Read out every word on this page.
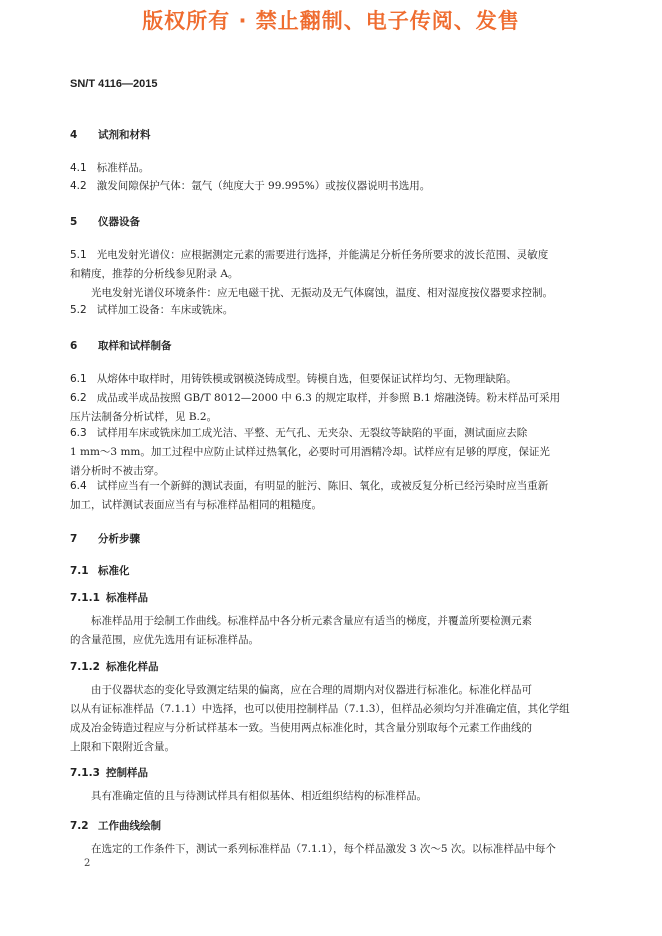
版权所有 · 禁止翻制、电子传阅、发售
SN/T 4116—2015
4 试剂和材料
4.1 标准样品。
4.2 激发间隙保护气体：氩气（纯度大于 99.995%）或按仪器说明书选用。
5 仪器设备
5.1 光电发射光谱仪：应根据测定元素的需要进行选择，并能满足分析任务所要求的波长范围、灵敏度
和精度，推荐的分析线参见附录 A。
光电发射光谱仪环境条件：应无电磁干扰、无振动及无气体腐蚀，温度、相对湿度按仪器要求控制。
5.2 试样加工设备：车床或铣床。
6 取样和试样制备
6.1 从熔体中取样时，用铸铁模或钢模浇铸成型。铸模自选，但要保证试样均匀、无物理缺陷。
6.2 成品或半成品按照 GB/T 8012—2000 中 6.3 的规定取样，并参照 B.1 熔融浇铸。粉末样品可采用
压片法制备分析试样，见 B.2。
6.3 试样用车床或铣床加工成光洁、平整、无气孔、无夹杂、无裂纹等缺陷的平面，测试面应去除
1 mm～3 mm。加工过程中应防止试样过热氧化，必要时可用酒精冷却。试样应有足够的厚度，保证光
谱分析时不被击穿。
6.4 试样应当有一个新鲜的测试表面，有明显的脏污、陈旧、氧化，或被反复分析已经污染时应当重新
加工，试样测试表面应当有与标准样品相同的粗糙度。
7 分析步骤
7.1 标准化
7.1.1 标准样品
标准样品用于绘制工作曲线。标准样品中各分析元素含量应有适当的梯度，并覆盖所要检测元素
的含量范围，应优先选用有证标准样品。
7.1.2 标准化样品
由于仪器状态的变化导致测定结果的偏离，应在合理的周期内对仪器进行标准化。标准化样品可
以从有证标准样品（7.1.1）中选择，也可以使用控制样品（7.1.3），但样品必须均匀并准确定值，其化学组
成及冶金铸造过程应与分析试样基本一致。当使用两点标准化时，其含量分别取每个元素工作曲线的
上限和下限附近含量。
7.1.3 控制样品
具有准确定值的且与待测试样具有相似基体、相近组织结构的标准样品。
7.2 工作曲线绘制
在选定的工作条件下，测试一系列标准样品（7.1.1），每个样品激发 3 次～5 次。以标准样品中每个
2
